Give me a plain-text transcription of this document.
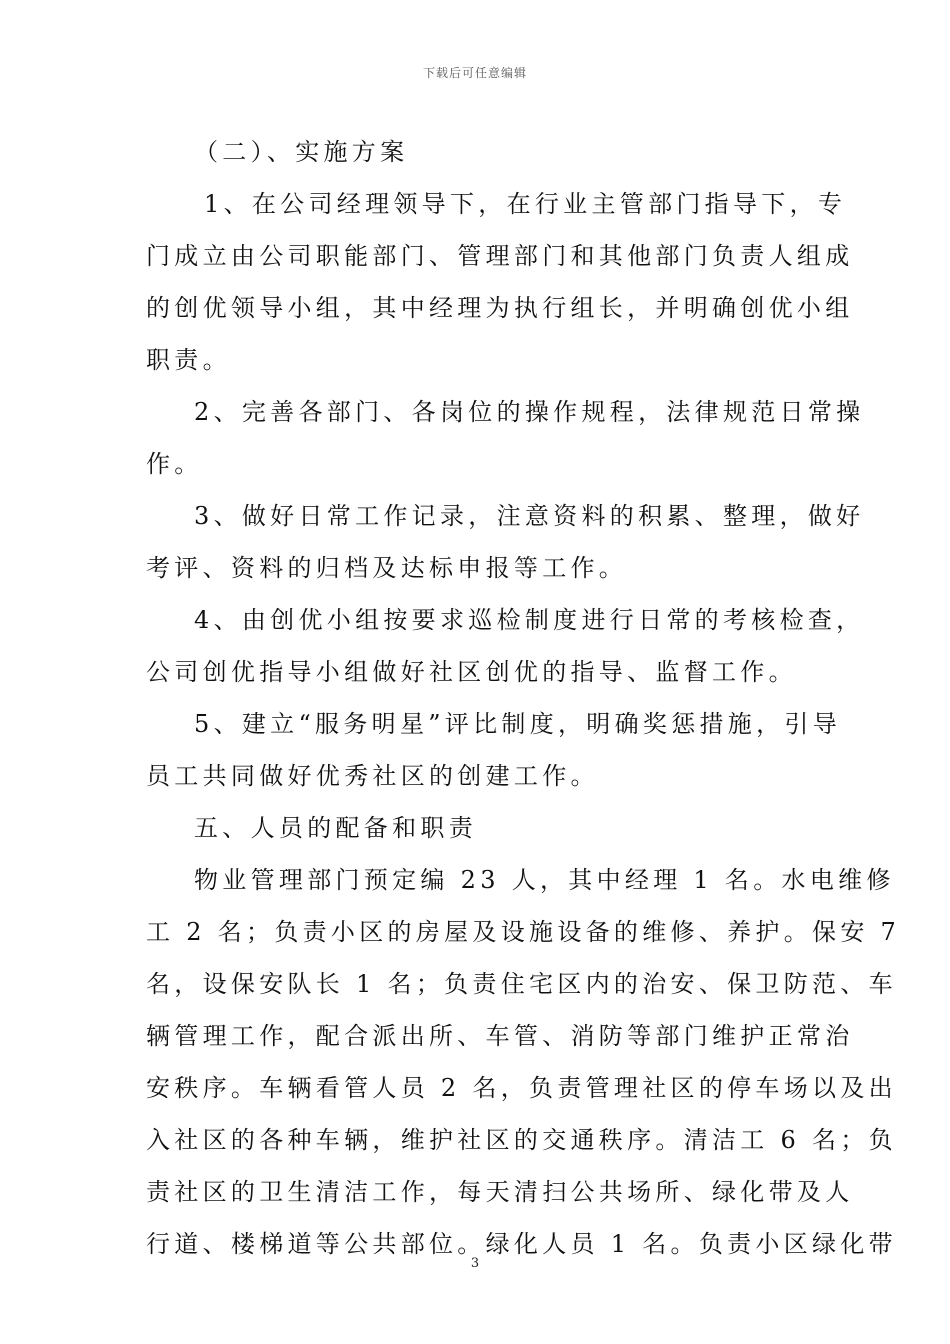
下载后可任意编辑
（二）、实施方案
1、在公司经理领导下，在行业主管部门指导下，专
门成立由公司职能部门、管理部门和其他部门负责人组成
的创优领导小组，其中经理为执行组长，并明确创优小组
职责。
2、完善各部门、各岗位的操作规程，法律规范日常操
作。
3、做好日常工作记录，注意资料的积累、整理，做好
考评、资料的归档及达标申报等工作。
4、由创优小组按要求巡检制度进行日常的考核检查，
公司创优指导小组做好社区创优的指导、监督工作。
5、建立“服务明星”评比制度，明确奖惩措施，引导
员工共同做好优秀社区的创建工作。
五、人员的配备和职责
物业管理部门预定编 23 人，其中经理 1 名。水电维修
工 2 名；负责小区的房屋及设施设备的维修、养护。保安 7
名，设保安队长 1 名；负责住宅区内的治安、保卫防范、车
辆管理工作，配合派出所、车管、消防等部门维护正常治
安秩序。车辆看管人员 2 名，负责管理社区的停车场以及出
入社区的各种车辆，维护社区的交通秩序。清洁工 6 名；负
责社区的卫生清洁工作，每天清扫公共场所、绿化带及人
行道、楼梯道等公共部位。绿化人员 1 名。负责小区绿化带
3
